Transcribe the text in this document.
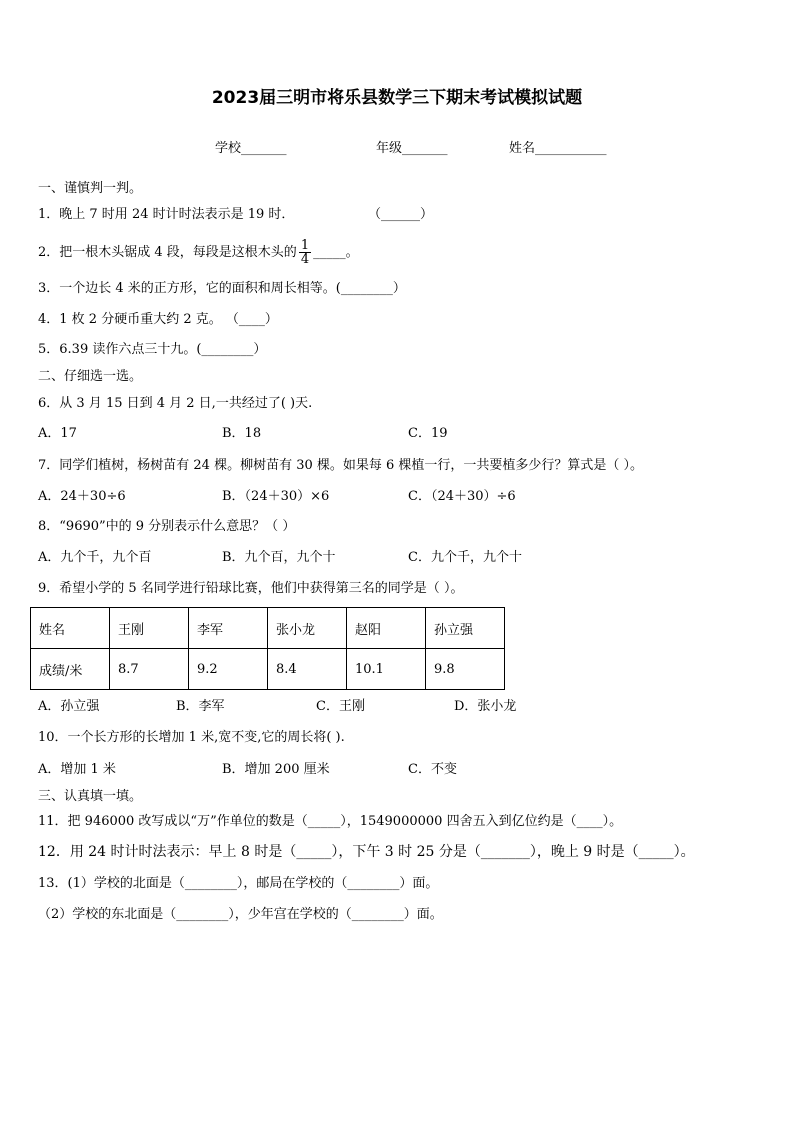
2023届三明市将乐县数学三下期末考试模拟试题
学校_______	年级_______	姓名___________
一、谨慎判一判。
1．晚上 7 时用 24 时计时法表示是 19 时．	（______）
2．把一根木头锯成 4 段，每段是这根木头的 $\frac{1}{4}$ _____。
3．一个边长 4 米的正方形，它的面积和周长相等。(________）
4．1 枚 2 分硬币重大约 2 克。 （____）
5．6.39 读作六点三十九。(________）
二、仔细选一选。
6．从 3 月 15 日到 4 月 2 日,一共经过了( )天.
A．17	B．18	C．19
7．同学们植树，杨树苗有 24 棵。柳树苗有 30 棵。如果每 6 棵植一行，一共要植多少行？算式是（ ）。
A．24＋30÷6	B．（24＋30）×6	C．（24＋30）÷6
8．“9690”中的 9 分别表示什么意思？（ ）
A．九个千，九个百	B．九个百，九个十	C．九个千，九个十
9．希望小学的 5 名同学进行铅球比赛，他们中获得第三名的同学是（ ）。
姓名	王刚	李军	张小龙	赵阳	孙立强
成绩/米	8.7	9.2	8.4	10.1	9.8
A．孙立强	B．李军	C．王刚	D．张小龙
10．一个长方形的长增加 1 米,宽不变,它的周长将( ).
A．增加 1 米	B．增加 200 厘米	C．不变
三、认真填一填。
11．把 946000 改写成以“万”作单位的数是（_____），1549000000 四舍五入到亿位约是（____）。
12．用 24 时计时法表示：早上 8 时是（_____），下午 3 时 25 分是（_______），晚上 9 时是（_____）。
13．(1）学校的北面是（________），邮局在学校的（________）面。
（2）学校的东北面是（________），少年宫在学校的（________）面。
